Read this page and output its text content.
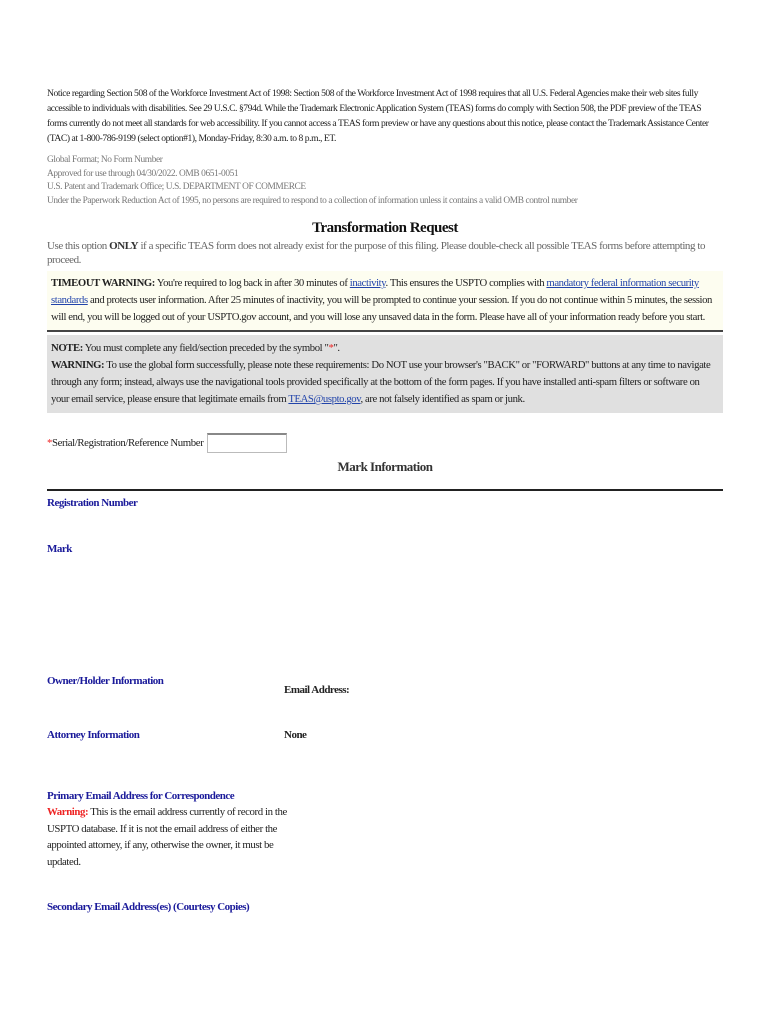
Notice regarding Section 508 of the Workforce Investment Act of 1998: Section 508 of the Workforce Investment Act of 1998 requires that all U.S. Federal Agencies make their web sites fully accessible to individuals with disabilities. See 29 U.S.C. §794d. While the Trademark Electronic Application System (TEAS) forms do comply with Section 508, the PDF preview of the TEAS forms currently do not meet all standards for web accessibility. If you cannot access a TEAS form preview or have any questions about this notice, please contact the Trademark Assistance Center (TAC) at 1-800-786-9199 (select option#1), Monday-Friday, 8:30 a.m. to 8 p.m., ET.
Global Format; No Form Number
Approved for use through 04/30/2022. OMB 0651-0051
U.S. Patent and Trademark Office; U.S. DEPARTMENT OF COMMERCE
Under the Paperwork Reduction Act of 1995, no persons are required to respond to a collection of information unless it contains a valid OMB control number
Transformation Request
Use this option ONLY if a specific TEAS form does not already exist for the purpose of this filing. Please double-check all possible TEAS forms before attempting to proceed.
TIMEOUT WARNING: You're required to log back in after 30 minutes of inactivity. This ensures the USPTO complies with mandatory federal information security standards and protects user information. After 25 minutes of inactivity, you will be prompted to continue your session. If you do not continue within 5 minutes, the session will end, you will be logged out of your USPTO.gov account, and you will lose any unsaved data in the form. Please have all of your information ready before you start.
NOTE: You must complete any field/section preceded by the symbol "*".
WARNING: To use the global form successfully, please note these requirements: Do NOT use your browser's "BACK" or "FORWARD" buttons at any time to navigate through any form; instead, always use the navigational tools provided specifically at the bottom of the form pages. If you have installed anti-spam filters or software on your email service, please ensure that legitimate emails from TEAS@uspto.gov, are not falsely identified as spam or junk.
* Serial/Registration/Reference Number
Mark Information
Registration Number
Mark
Owner/Holder Information
Email Address:
Attorney Information	None
Primary Email Address for Correspondence
Warning: This is the email address currently of record in the USPTO database. If it is not the email address of either the appointed attorney, if any, otherwise the owner, it must be updated.
Secondary Email Address(es) (Courtesy Copies)
